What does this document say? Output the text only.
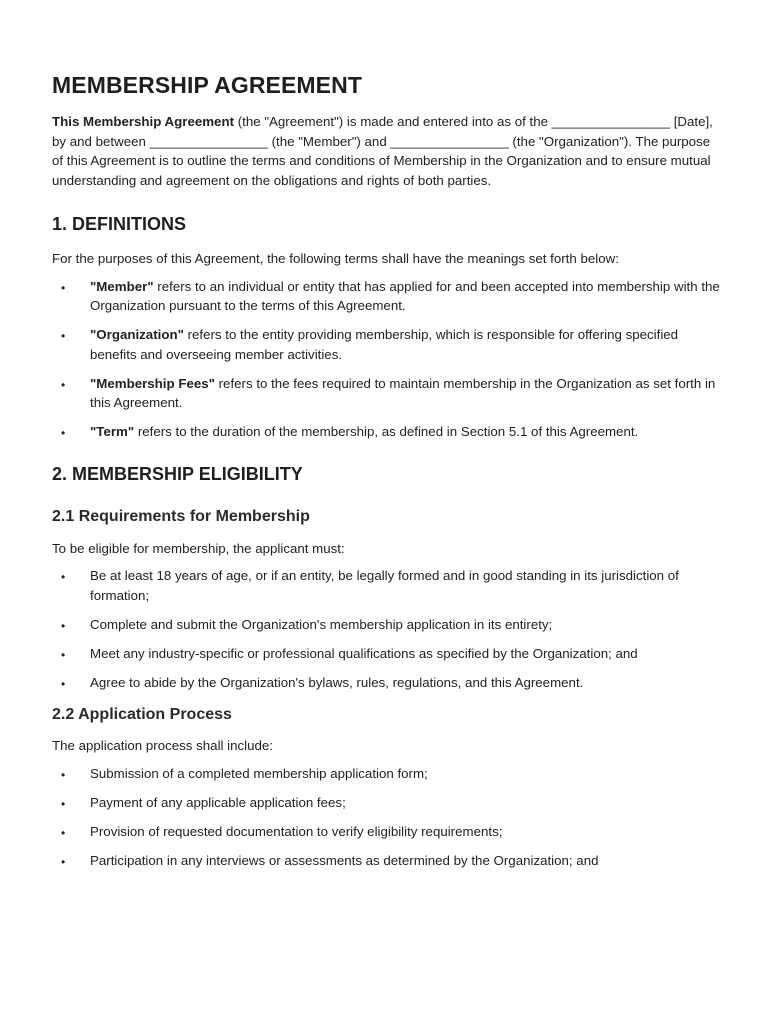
MEMBERSHIP AGREEMENT

This Membership Agreement (the "Agreement") is made and entered into as of the ________________ [Date], by and between ________________ (the "Member") and ________________ (the "Organization"). The purpose of this Agreement is to outline the terms and conditions of Membership in the Organization and to ensure mutual understanding and agreement on the obligations and rights of both parties.

1. DEFINITIONS

For the purposes of this Agreement, the following terms shall have the meanings set forth below:

• "Member" refers to an individual or entity that has applied for and been accepted into membership with the Organization pursuant to the terms of this Agreement.
• "Organization" refers to the entity providing membership, which is responsible for offering specified benefits and overseeing member activities.
• "Membership Fees" refers to the fees required to maintain membership in the Organization as set forth in this Agreement.
• "Term" refers to the duration of the membership, as defined in Section 5.1 of this Agreement.
2. MEMBERSHIP ELIGIBILITY
2.1 Requirements for Membership

To be eligible for membership, the applicant must:

• Be at least 18 years of age, or if an entity, be legally formed and in good standing in its jurisdiction of formation;
• Complete and submit the Organization's membership application in its entirety;
• Meet any industry-specific or professional qualifications as specified by the Organization; and
• Agree to abide by the Organization's bylaws, rules, regulations, and this Agreement.
2.2 Application Process

The application process shall include:

• Submission of a completed membership application form;
• Payment of any applicable application fees;
• Provision of requested documentation to verify eligibility requirements;
• Participation in any interviews or assessments as determined by the Organization; and
